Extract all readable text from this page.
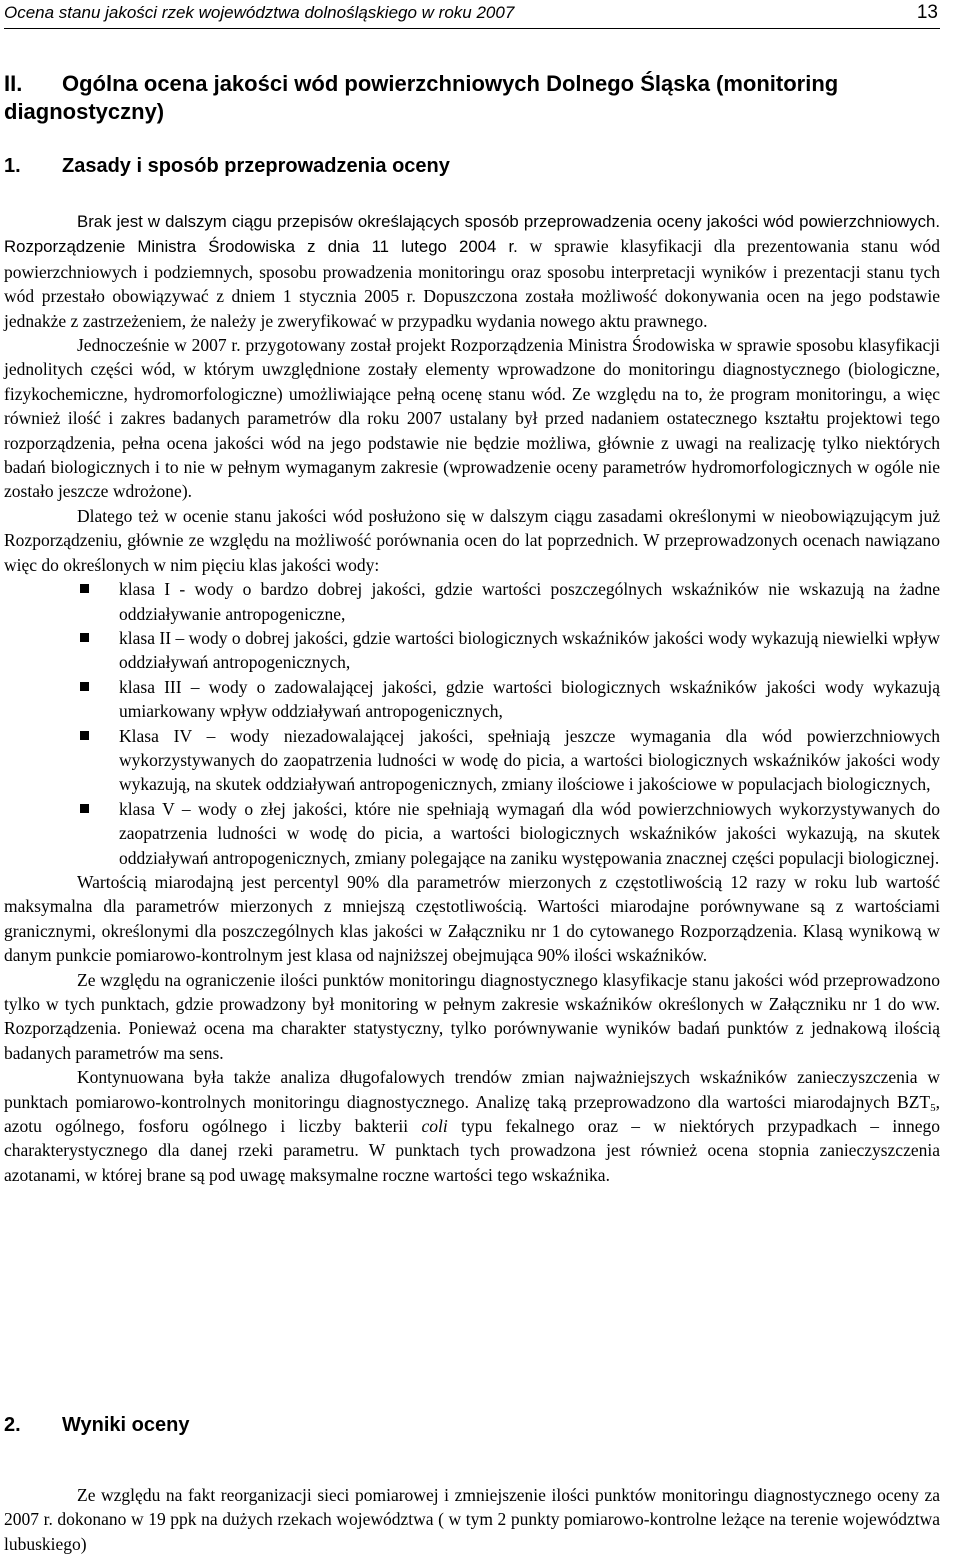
Ocena stanu jakości rzek województwa dolnośląskiego w roku 2007	13
II. Ogólna ocena jakości wód powierzchniowych Dolnego Śląska (monitoring diagnostyczny)
1. Zasady i sposób przeprowadzenia oceny

Brak jest w dalszym ciągu przepisów określających sposób przeprowadzenia oceny jakości wód powierzchniowych. Rozporządzenie Ministra Środowiska z dnia 11 lutego 2004 r. w sprawie klasyfikacji dla prezentowania stanu wód powierzchniowych i podziemnych, sposobu prowadzenia monitoringu oraz sposobu interpretacji wyników i prezentacji stanu tych wód przestało obowiązywać z dniem 1 stycznia 2005 r. Dopuszczona została możliwość dokonywania ocen na jego podstawie jednakże z zastrzeżeniem, że należy je zweryfikować w przypadku wydania nowego aktu prawnego.

Jednocześnie w 2007 r. przygotowany został projekt Rozporządzenia Ministra Środowiska w sprawie sposobu klasyfikacji jednolitych części wód, w którym uwzględnione zostały elementy wprowadzone do monitoringu diagnostycznego (biologiczne, fizykochemiczne, hydromorfologiczne) umożliwiające pełną ocenę stanu wód. Ze względu na to, że program monitoringu, a więc również ilość i zakres badanych parametrów dla roku 2007 ustalany był przed nadaniem ostatecznego kształtu projektowi tego rozporządzenia, pełna ocena jakości wód na jego podstawie nie będzie możliwa, głównie z uwagi na realizację tylko niektórych badań biologicznych i to nie w pełnym wymaganym zakresie (wprowadzenie oceny parametrów hydromorfologicznych w ogóle nie zostało jeszcze wdrożone).

Dlatego też w ocenie stanu jakości wód posłużono się w dalszym ciągu zasadami określonymi w nieobowiązującym już Rozporządzeniu, głównie ze względu na możliwość porównania ocen do lat poprzednich. W przeprowadzonych ocenach nawiązano więc do określonych w nim pięciu klas jakości wody:

klasa I - wody o bardzo dobrej jakości, gdzie wartości poszczególnych wskaźników nie wskazują na żadne oddziaływanie antropogeniczne,
klasa II – wody o dobrej jakości, gdzie wartości biologicznych wskaźników jakości wody wykazują niewielki wpływ oddziaływań antropogenicznych,
klasa III – wody o zadowalającej jakości, gdzie wartości biologicznych wskaźników jakości wody wykazują umiarkowany wpływ oddziaływań antropogenicznych,
Klasa IV – wody niezadowalającej jakości, spełniają jeszcze wymagania dla wód powierzchniowych wykorzystywanych do zaopatrzenia ludności w wodę do picia, a wartości biologicznych wskaźników jakości wody wykazują, na skutek oddziaływań antropogenicznych, zmiany ilościowe i jakościowe w populacjach biologicznych,
klasa V – wody o złej jakości, które nie spełniają wymagań dla wód powierzchniowych wykorzystywanych do zaopatrzenia ludności w wodę do picia, a wartości biologicznych wskaźników jakości wykazują, na skutek oddziaływań antropogenicznych, zmiany polegające na zaniku występowania znacznej części populacji biologicznej.

Wartością miarodajną jest percentyl 90% dla parametrów mierzonych z częstotliwością 12 razy w roku lub wartość maksymalna dla parametrów mierzonych z mniejszą częstotliwością. Wartości miarodajne porównywane są z wartościami granicznymi, określonymi dla poszczególnych klas jakości w Załączniku nr 1 do cytowanego Rozporządzenia. Klasą wynikową w danym punkcie pomiarowo-kontrolnym jest klasa od najniższej obejmująca 90% ilości wskaźników.

Ze względu na ograniczenie ilości punktów monitoringu diagnostycznego klasyfikacje stanu jakości wód przeprowadzono tylko w tych punktach, gdzie prowadzony był monitoring w pełnym zakresie wskaźników określonych w Załączniku nr 1 do ww. Rozporządzenia. Ponieważ ocena ma charakter statystyczny, tylko porównywanie wyników badań punktów z jednakową ilością badanych parametrów ma sens.

Kontynuowana była także analiza długofalowych trendów zmian najważniejszych wskaźników zanieczyszczenia w punktach pomiarowo-kontrolnych monitoringu diagnostycznego. Analizę taką przeprowadzono dla wartości miarodajnych $BZT_5$, azotu ogólnego, fosforu ogólnego i liczby bakterii coli typu fekalnego oraz – w niektórych przypadkach – innego charakterystycznego dla danej rzeki parametru. W punktach tych prowadzona jest również ocena stopnia zanieczyszczenia azotanami, w której brane są pod uwagę maksymalne roczne wartości tego wskaźnika.

2. Wyniki oceny

Ze względu na fakt reorganizacji sieci pomiarowej i zmniejszenie ilości punktów monitoringu diagnostycznego oceny za 2007 r. dokonano w 19 ppk na dużych rzekach województwa ( w tym 2 punkty pomiarowo-kontrolne leżące na terenie województwa lubuskiego)
